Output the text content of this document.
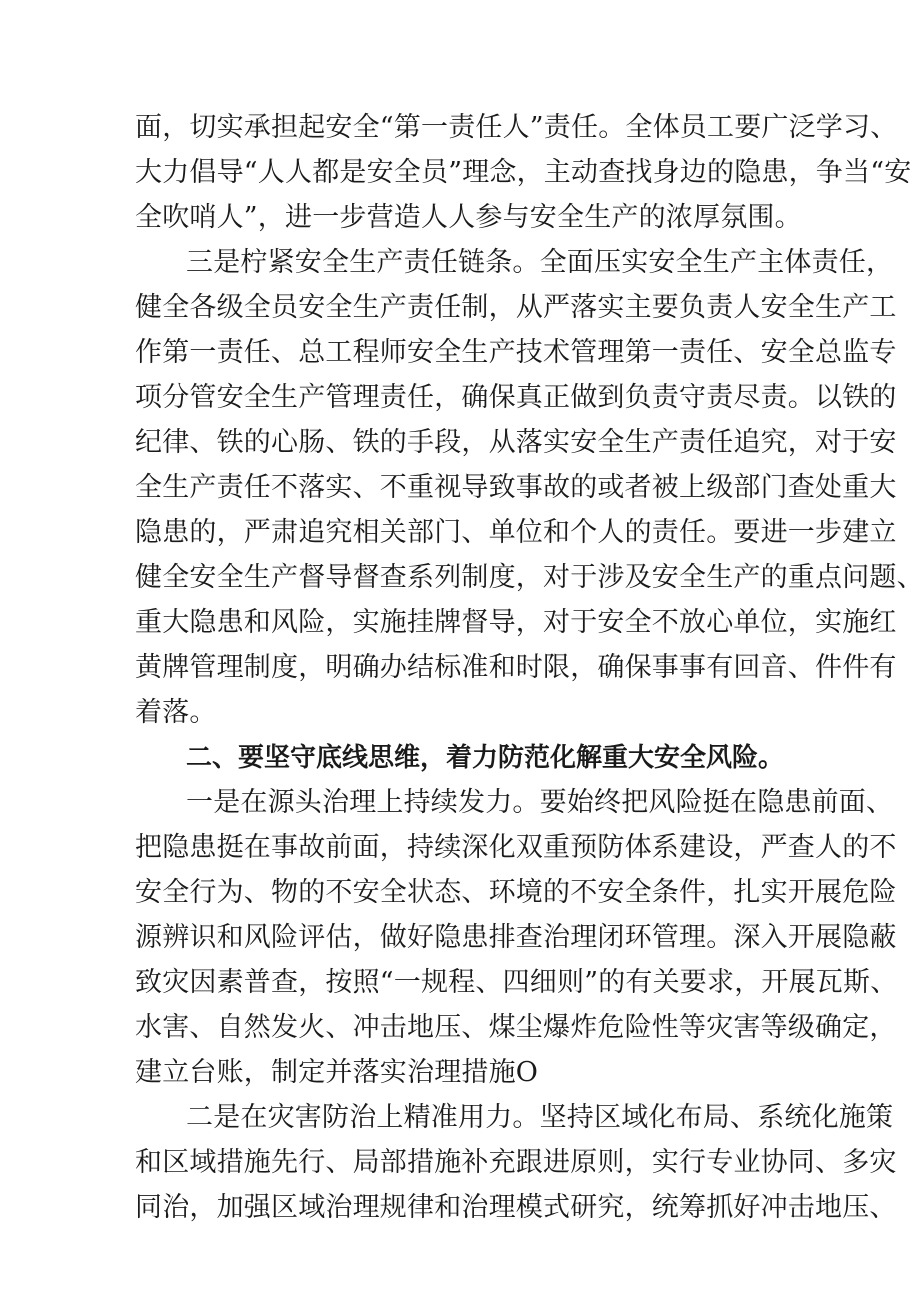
面，切实承担起安全“第一责任人”责任。全体员工要广泛学习、
大力倡导“人人都是安全员”理念，主动查找身边的隐患，争当“安
全吹哨人”，进一步营造人人参与安全生产的浓厚氛围。
三是柠紧安全生产责任链条。全面压实安全生产主体责任，
健全各级全员安全生产责任制，从严落实主要负责人安全生产工
作第一责任、总工程师安全生产技术管理第一责任、安全总监专
项分管安全生产管理责任，确保真正做到负责守责尽责。以铁的
纪律、铁的心肠、铁的手段，从落实安全生产责任追究，对于安
全生产责任不落实、不重视导致事故的或者被上级部门查处重大
隐患的，严肃追究相关部门、单位和个人的责任。要进一步建立
健全安全生产督导督查系列制度，对于涉及安全生产的重点问题、
重大隐患和风险，实施挂牌督导，对于安全不放心单位，实施红
黄牌管理制度，明确办结标准和时限，确保事事有回音、件件有
着落。
二、要坚守底线思维，着力防范化解重大安全风险。
一是在源头治理上持续发力。要始终把风险挺在隐患前面、
把隐患挺在事故前面，持续深化双重预防体系建设，严查人的不
安全行为、物的不安全状态、环境的不安全条件，扎实开展危险
源辨识和风险评估，做好隐患排查治理闭环管理。深入开展隐蔽
致灾因素普查，按照“一规程、四细则”的有关要求，开展瓦斯、
水害、自然发火、冲击地压、煤尘爆炸危险性等灾害等级确定，
建立台账，制定并落实治理措施O
二是在灾害防治上精准用力。坚持区域化布局、系统化施策
和区域措施先行、局部措施补充跟进原则，实行专业协同、多灾
同治，加强区域治理规律和治理模式研究，统筹抓好冲击地压、
